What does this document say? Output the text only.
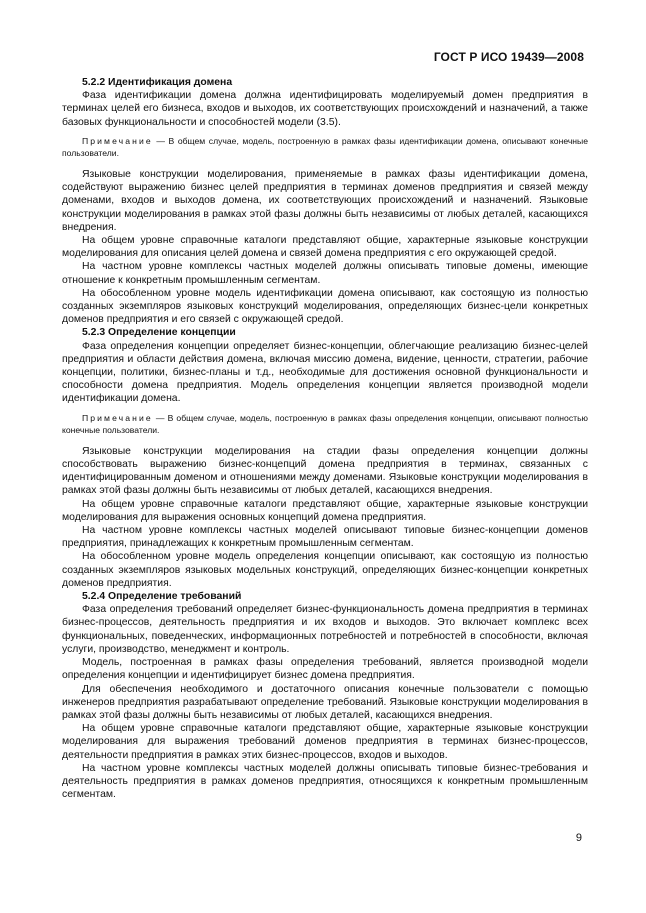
ГОСТ Р ИСО 19439—2008
5.2.2 Идентификация домена

Фаза идентификации домена должна идентифицировать моделируемый домен предприятия в терминах целей его бизнеса, входов и выходов, их соответствующих происхождений и назначений, а также базовых функциональности и способностей модели (3.5).

Примечание — В общем случае, модель, построенную в рамках фазы идентификации домена, описывают конечные пользователи.

Языковые конструкции моделирования, применяемые в рамках фазы идентификации домена, содействуют выражению бизнес целей предприятия в терминах доменов предприятия и связей между доменами, входов и выходов домена, их соответствующих происхождений и назначений. Языковые конструкции моделирования в рамках этой фазы должны быть независимы от любых деталей, касающихся внедрения.

На общем уровне справочные каталоги представляют общие, характерные языковые конструкции моделирования для описания целей домена и связей домена предприятия с его окружающей средой.

На частном уровне комплексы частных моделей должны описывать типовые домены, имеющие отношение к конкретным промышленным сегментам.

На обособленном уровне модель идентификации домена описывают, как состоящую из полностью созданных экземпляров языковых конструкций моделирования, определяющих бизнес-цели конкретных доменов предприятия и его связей с окружающей средой.

5.2.3 Определение концепции

Фаза определения концепции определяет бизнес-концепции, облегчающие реализацию бизнес-целей предприятия и области действия домена, включая миссию домена, видение, ценности, стратегии, рабочие концепции, политики, бизнес-планы и т.д., необходимые для достижения основной функциональности и способности домена предприятия. Модель определения концепции является производной модели идентификации домена.

Примечание — В общем случае, модель, построенную в рамках фазы определения концепции, описывают полностью конечные пользователи.

Языковые конструкции моделирования на стадии фазы определения концепции должны способствовать выражению бизнес-концепций домена предприятия в терминах, связанных с идентифицированным доменом и отношениями между доменами. Языковые конструкции моделирования в рамках этой фазы должны быть независимы от любых деталей, касающихся внедрения.

На общем уровне справочные каталоги представляют общие, характерные языковые конструкции моделирования для выражения основных концепций домена предприятия.

На частном уровне комплексы частных моделей описывают типовые бизнес-концепции доменов предприятия, принадлежащих к конкретным промышленным сегментам.

На обособленном уровне модель определения концепции описывают, как состоящую из полностью созданных экземпляров языковых модельных конструкций, определяющих бизнес-концепции конкретных доменов предприятия.

5.2.4 Определение требований

Фаза определения требований определяет бизнес-функциональность домена предприятия в терминах бизнес-процессов, деятельность предприятия и их входов и выходов. Это включает комплекс всех функциональных, поведенческих, информационных потребностей и потребностей в способности, включая услуги, производство, менеджмент и контроль.

Модель, построенная в рамках фазы определения требований, является производной модели определения концепции и идентифицирует бизнес домена предприятия.

Для обеспечения необходимого и достаточного описания конечные пользователи с помощью инженеров предприятия разрабатывают определение требований. Языковые конструкции моделирования в рамках этой фазы должны быть независимы от любых деталей, касающихся внедрения.

На общем уровне справочные каталоги представляют общие, характерные языковые конструкции моделирования для выражения требований доменов предприятия в терминах бизнес-процессов, деятельности предприятия в рамках этих бизнес-процессов, входов и выходов.

На частном уровне комплексы частных моделей должны описывать типовые бизнес-требования и деятельность предприятия в рамках доменов предприятия, относящихся к конкретным промышленным сегментам.

9
